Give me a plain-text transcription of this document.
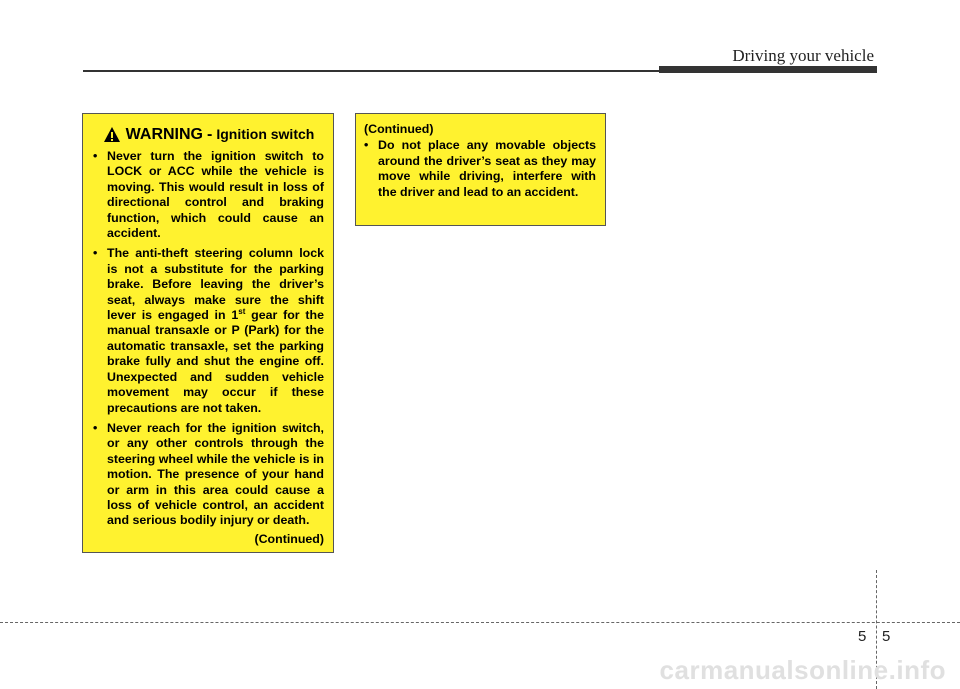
Driving your vehicle
WARNING - Ignition switch
• Never turn the ignition switch to LOCK or ACC while the vehicle is moving. This would result in loss of directional control and braking function, which could cause an accident.
• The anti-theft steering column lock is not a substitute for the parking brake. Before leaving the driver’s seat, always make sure the shift lever is engaged in 1st gear for the manual transaxle or P (Park) for the automatic transaxle, set the parking brake fully and shut the engine off. Unexpected and sudden vehicle movement may occur if these precautions are not taken.
• Never reach for the ignition switch, or any other controls through the steering wheel while the vehicle is in motion. The presence of your hand or arm in this area could cause a loss of vehicle control, an accident and serious bodily injury or death.
(Continued)
(Continued)
• Do not place any movable objects around the driver’s seat as they may move while driving, interfere with the driver and lead to an accident.
5 5
carmanualsonline.info
